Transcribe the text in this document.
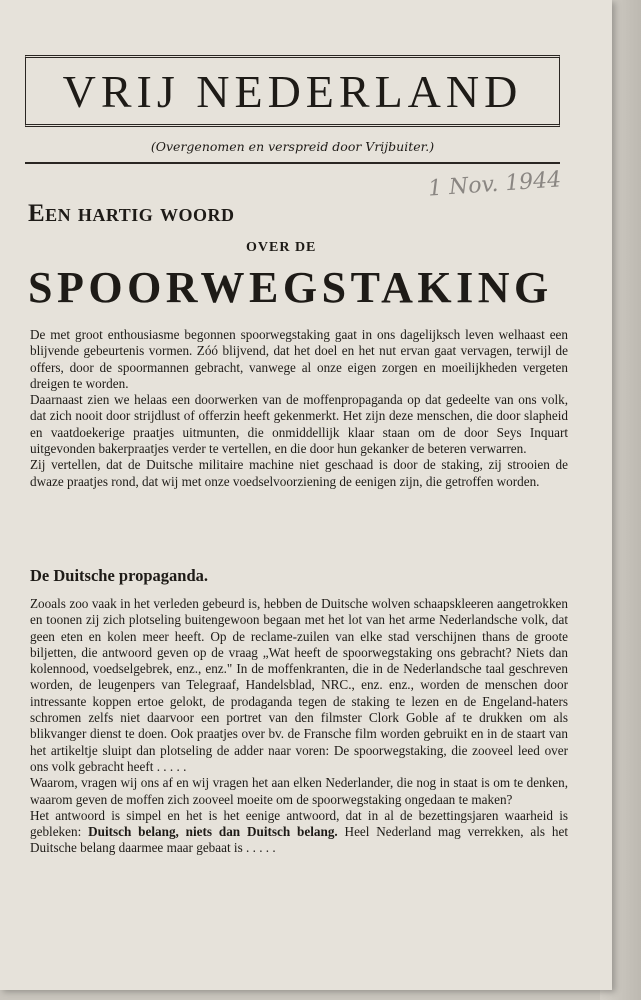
VRIJ NEDERLAND
(Overgenomen en verspreid door Vrijbuiter.)
1 Nov. 1944
Een hartig woord
OVER DE
SPOORWEGSTAKING

De met groot enthousiasme begonnen spoorwegstaking gaat in ons dagelijksch leven welhaast een blijvende gebeurtenis vormen. Zóó blijvend, dat het doel en het nut ervan gaat vervagen, terwijl de offers, door de spoormannen gebracht, vanwege al onze eigen zorgen en moeilijkheden vergeten dreigen te worden.

Daarnaast zien we helaas een doorwerken van de moffenpropaganda op dat gedeelte van ons volk, dat zich nooit door strijdlust of offerzin heeft gekenmerkt. Het zijn deze menschen, die door slapheid en vaatdoekerige praatjes uitmunten, die onmiddellijk klaar staan om de door Seys Inquart uitgevonden bakerpraatjes verder te vertellen, en die door hun gekanker de beteren verwarren.

Zij vertellen, dat de Duitsche militaire machine niet geschaad is door de staking, zij strooien de dwaze praatjes rond, dat wij met onze voedselvoorziening de eenigen zijn, die getroffen worden.

De Duitsche propaganda.

Zooals zoo vaak in het verleden gebeurd is, hebben de Duitsche wolven schaapskleeren aangetrokken en toonen zij zich plotseling buitengewoon begaan met het lot van het arme Nederlandsche volk, dat geen eten en kolen meer heeft. Op de reclame-zuilen van elke stad verschijnen thans de groote biljetten, die antwoord geven op de vraag „Wat heeft de spoorwegstaking ons gebracht? Niets dan kolennood, voedselgebrek, enz., enz." In de moffenkranten, die in de Nederlandsche taal geschreven worden, de leugenpers van Telegraaf, Handelsblad, NRC., enz. enz., worden de menschen door intressante koppen ertoe gelokt, de prodaganda tegen de staking te lezen en de Engeland-haters schromen zelfs niet daarvoor een portret van den filmster Clork Goble af te drukken om als blikvanger dienst te doen. Ook praatjes over bv. de Fransche film worden gebruikt en in de staart van het artikeltje sluipt dan plotseling de adder naar voren: De spoorwegstaking, die zooveel leed over ons volk gebracht heeft . . . . .

Waarom, vragen wij ons af en wij vragen het aan elken Nederlander, die nog in staat is om te denken, waarom geven de moffen zich zooveel moeite om de spoorwegstaking ongedaan te maken?

Het antwoord is simpel en het is het eenige antwoord, dat in al de bezettingsjaren waarheid is gebleken: Duitsch belang, niets dan Duitsch belang. Heel Nederland mag verrekken, als het Duitsche belang daarmee maar gebaat is . . . . .
